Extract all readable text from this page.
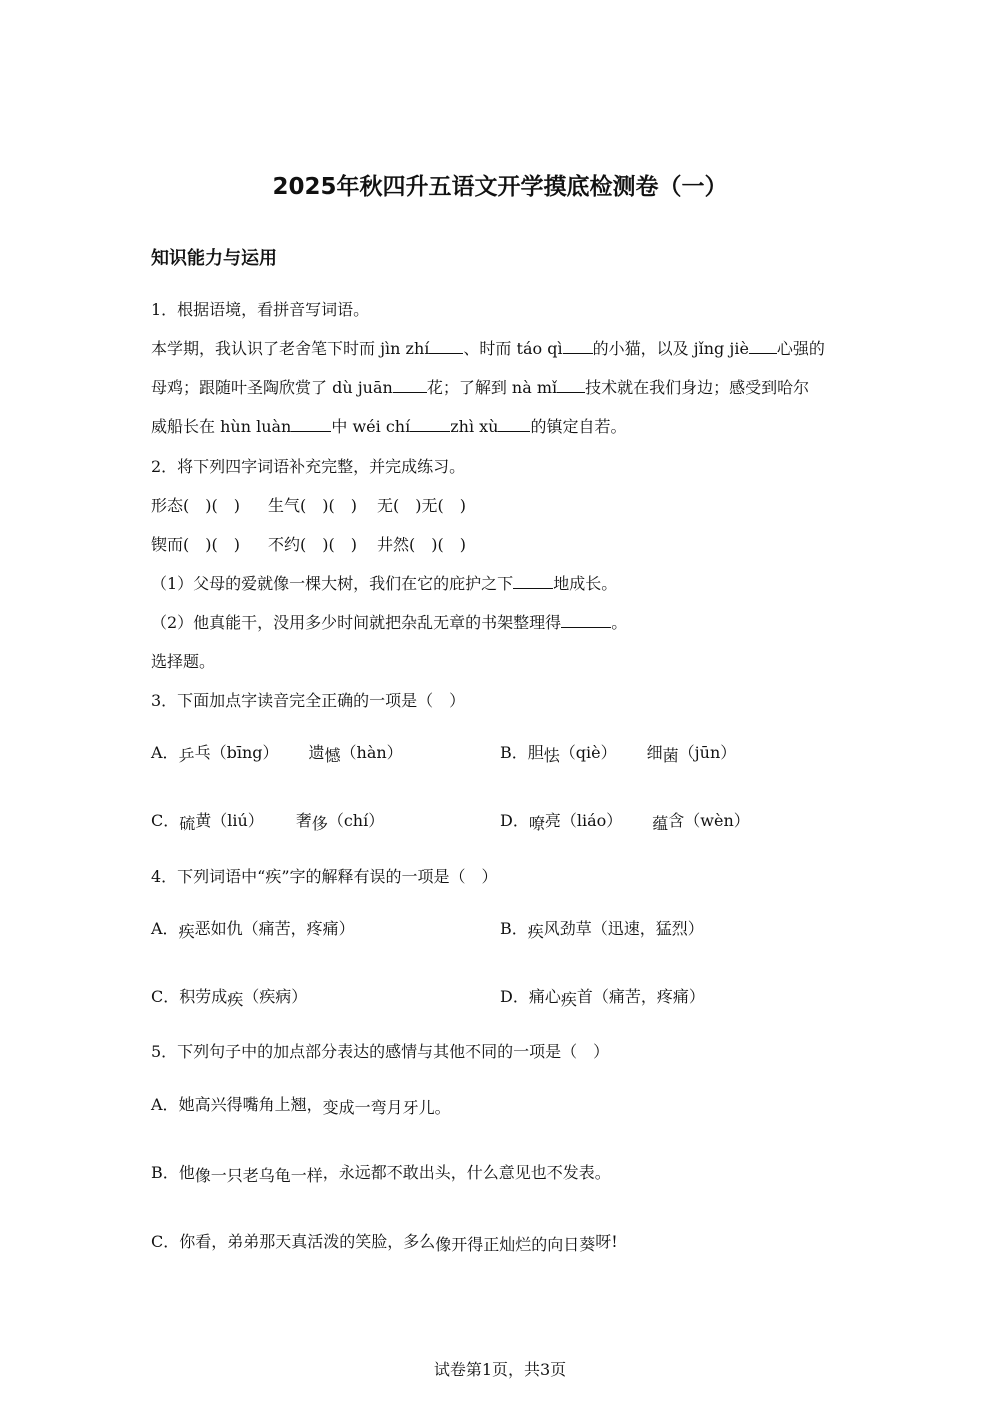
2025年秋四升五语文开学摸底检测卷（一）
知识能力与运用
1．根据语境，看拼音写词语。
本学期，我认识了老舍笔下时而 jìn zhí 、时而 táo qì 的小猫，以及 jǐng jiè 心强的
母鸡；跟随叶圣陶欣赏了 dù juān 花；了解到 nà mǐ 技术就在我们身边；感受到哈尔
威船长在 hùn luàn	中 wéi chí	zhì xù 的镇定自若。
2．将下列四字词语补充完整，并完成练习。
形态(　)(　) 生气(　)(　) 无(　)无(　)
锲而(　)(　) 不约(　)(　) 井然(　)(　)
（1）父母的爱就像一棵大树，我们在它的庇护之下	地成长。
（2）他真能干，没用多少时间就把杂乱无章的书架整理得	。
选择题。
3．下面加点字读音完全正确的一项是（　）
A．乒乓（bīng） 遗憾（hàn）	B．胆怯（qiè） 细菌（jūn）
C．硫黄（liú） 奢侈（chí）	D．嘹亮（liáo） 蕴含（wèn）
4．下列词语中“疾”字的解释有误的一项是（　）
A．疾恶如仇（痛苦，疼痛）	B．疾风劲草（迅速，猛烈）
C．积劳成疾（疾病）	D．痛心疾首（痛苦，疼痛）
5．下列句子中的加点部分表达的感情与其他不同的一项是（　）
A．她高兴得嘴角上翘，变成一弯月牙儿。
B．他像一只老乌龟一样，永远都不敢出头，什么意见也不发表。
C．你看，弟弟那天真活泼的笑脸，多么像开得正灿烂的向日葵呀!
试卷第1页，共3页
